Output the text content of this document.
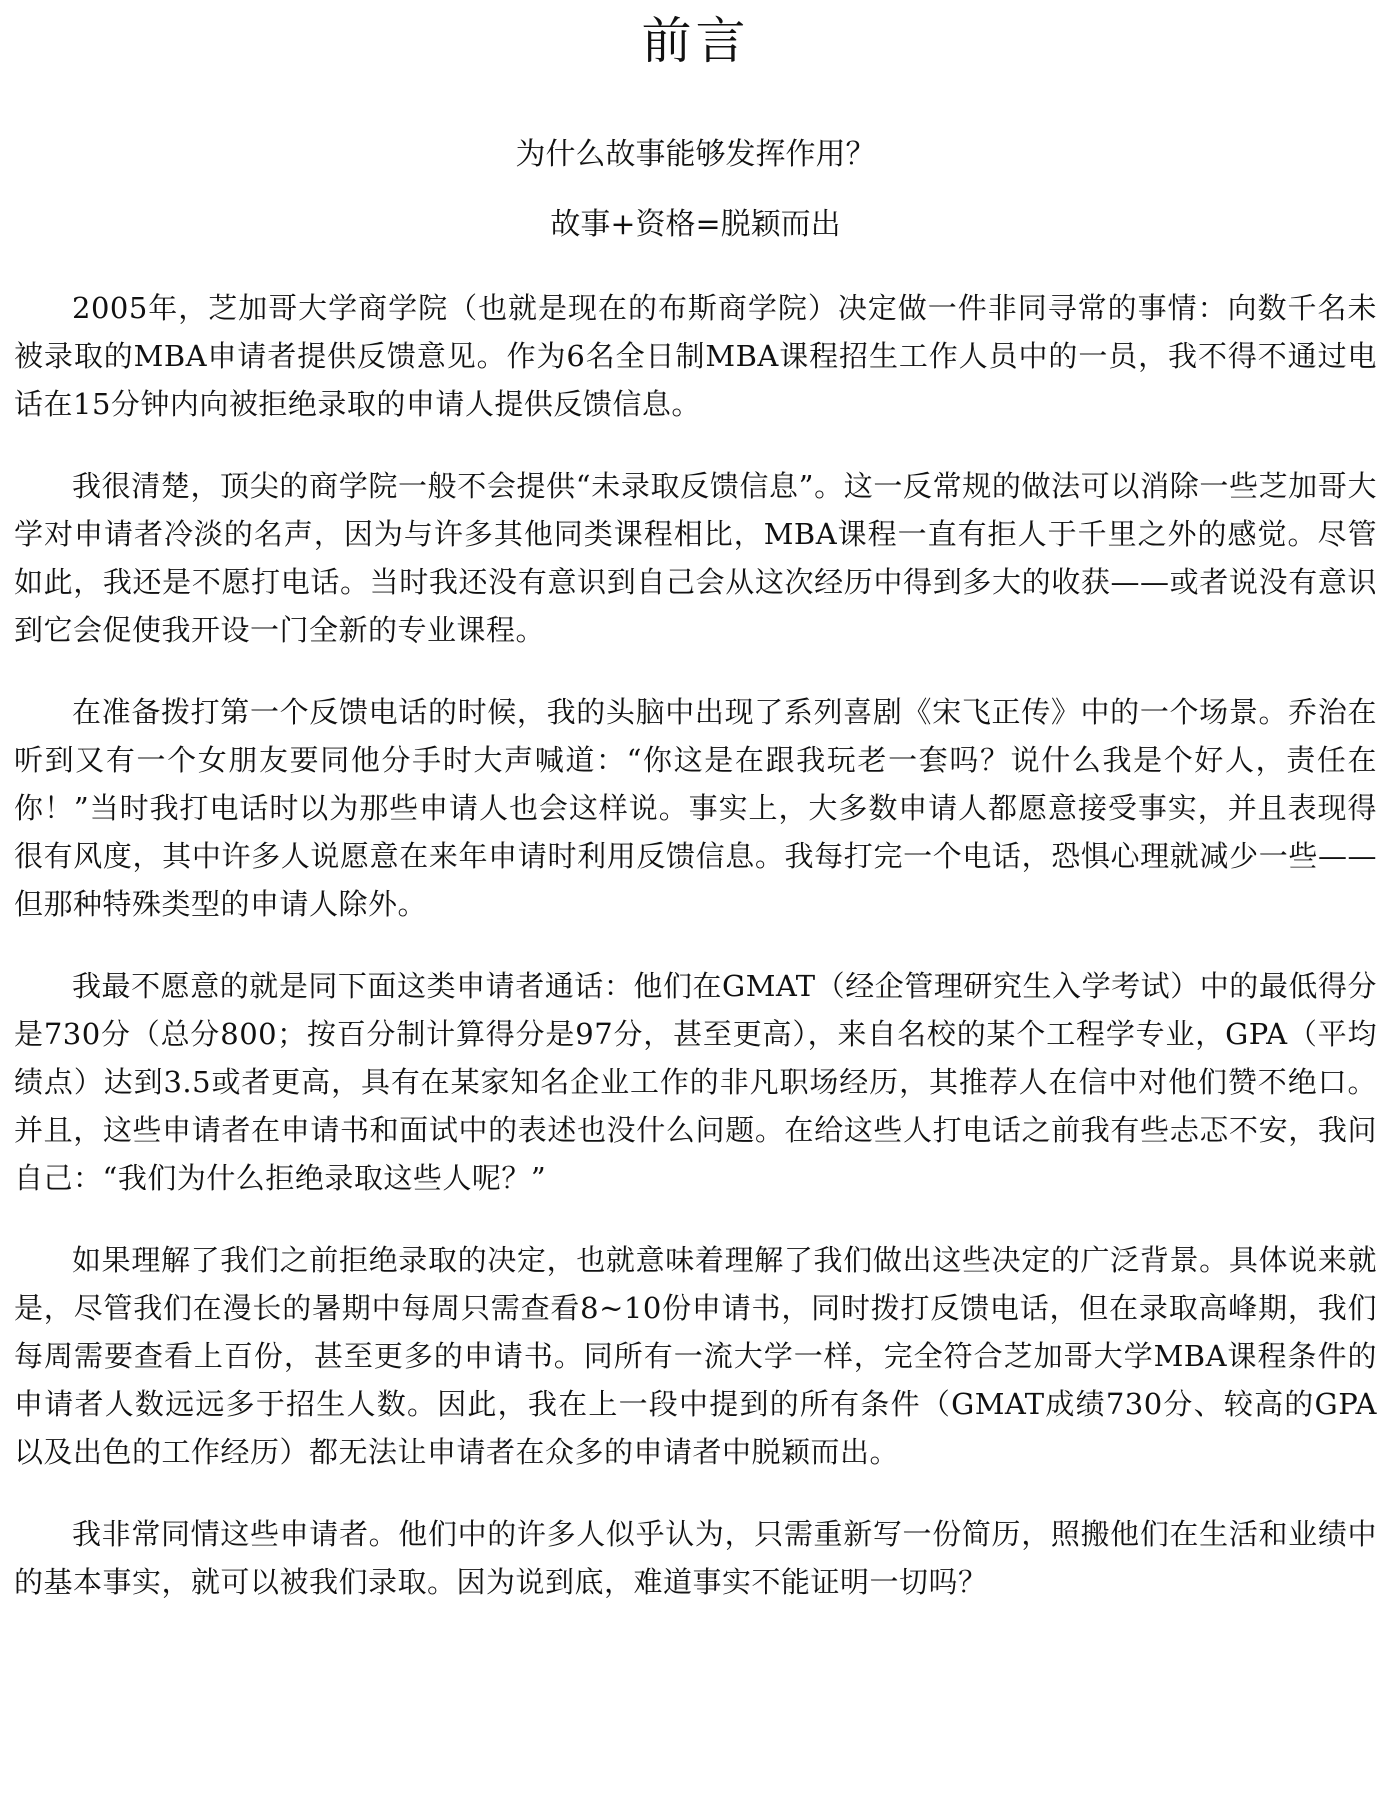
前言
为什么故事能够发挥作用？
故事+资格=脱颖而出

2005年，芝加哥大学商学院（也就是现在的布斯商学院）决定做一件非同寻常的事情：向数千名未被录取的MBA申请者提供反馈意见。作为6名全日制MBA课程招生工作人员中的一员，我不得不通过电话在15分钟内向被拒绝录取的申请人提供反馈信息。

我很清楚，顶尖的商学院一般不会提供“未录取反馈信息”。这一反常规的做法可以消除一些芝加哥大学对申请者冷淡的名声，因为与许多其他同类课程相比，MBA课程一直有拒人于千里之外的感觉。尽管如此，我还是不愿打电话。当时我还没有意识到自己会从这次经历中得到多大的收获——或者说没有意识到它会促使我开设一门全新的专业课程。

在准备拨打第一个反馈电话的时候，我的头脑中出现了系列喜剧《宋飞正传》中的一个场景。乔治在听到又有一个女朋友要同他分手时大声喊道：“你这是在跟我玩老一套吗？说什么我是个好人，责任在你！”当时我打电话时以为那些申请人也会这样说。事实上，大多数申请人都愿意接受事实，并且表现得很有风度，其中许多人说愿意在来年申请时利用反馈信息。我每打完一个电话，恐惧心理就减少一些——但那种特殊类型的申请人除外。

我最不愿意的就是同下面这类申请者通话：他们在GMAT（经企管理研究生入学考试）中的最低得分是730分（总分800；按百分制计算得分是97分，甚至更高），来自名校的某个工程学专业，GPA（平均绩点）达到3.5或者更高，具有在某家知名企业工作的非凡职场经历，其推荐人在信中对他们赞不绝口。并且，这些申请者在申请书和面试中的表述也没什么问题。在给这些人打电话之前我有些忐忑不安，我问自己：“我们为什么拒绝录取这些人呢？”

如果理解了我们之前拒绝录取的决定，也就意味着理解了我们做出这些决定的广泛背景。具体说来就是，尽管我们在漫长的暑期中每周只需查看8~10份申请书，同时拨打反馈电话，但在录取高峰期，我们每周需要查看上百份，甚至更多的申请书。同所有一流大学一样，完全符合芝加哥大学MBA课程条件的申请者人数远远多于招生人数。因此，我在上一段中提到的所有条件（GMAT成绩730分、较高的GPA以及出色的工作经历）都无法让申请者在众多的申请者中脱颖而出。

我非常同情这些申请者。他们中的许多人似乎认为，只需重新写一份简历，照搬他们在生活和业绩中的基本事实，就可以被我们录取。因为说到底，难道事实不能证明一切吗？
